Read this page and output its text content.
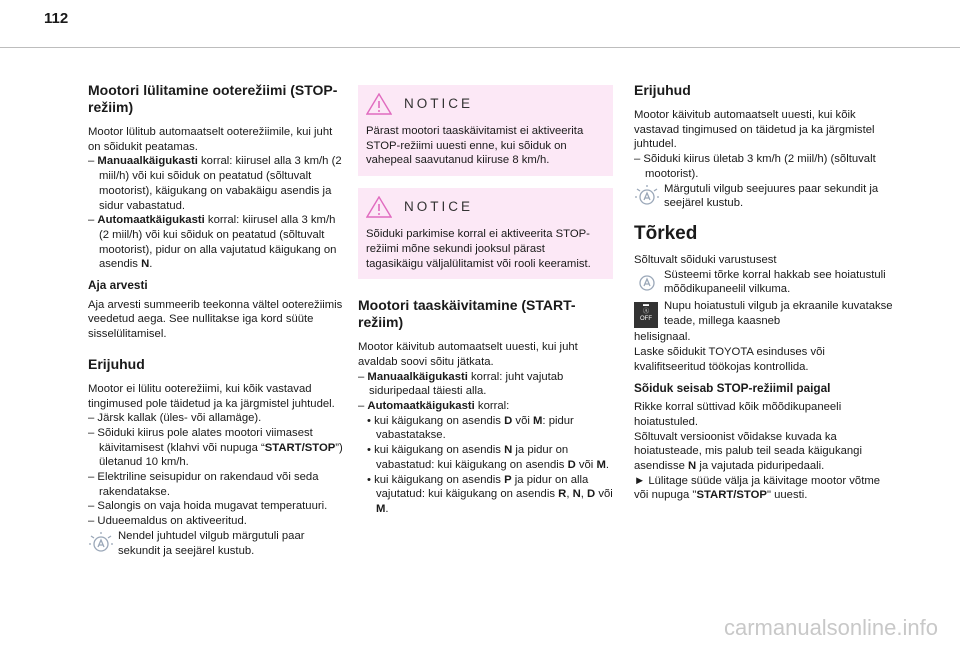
112
Mootori lülitamine ooterežiimi (STOP-režiim)

Mootor lülitub automaatselt ooterežiimile, kui juht on sõidukit peatamas.

– Manuaalkäigukasti korral: kiirusel alla 3 km/h (2 miil/h) või kui sõiduk on peatatud (sõltuvalt mootorist), käigukang on vabakäigu asendis ja sidur vabastatud.

– Automaatkäigukasti korral: kiirusel alla 3 km/h (2 miil/h) või kui sõiduk on peatatud (sõltuvalt mootorist), pidur on alla vajutatud käigukang on asendis N.

Aja arvesti

Aja arvesti summeerib teekonna vältel ooterežiimis veedetud aega. See nullitakse iga kord süüte sisselülitamisel.

Erijuhud

Mootor ei lülitu ooterežiimi, kui kõik vastavad tingimused pole täidetud ja ka järgmistel juhtudel.

– Järsk kallak (üles- või allamäge).

– Sõiduki kiirus pole alates mootori viimasest käivitamisest (klahvi või nupuga “START/STOP”) ületanud 10 km/h.

– Elektriline seisupidur on rakendaud või seda rakendatakse.

– Salongis on vaja hoida mugavat temperatuuri.

– Udueemaldus on aktiveeritud.

Nendel juhtudel vilgub märgutuli paar sekundit ja seejärel kustub.
NOTICE
Pärast mootori taaskäivitamist ei aktiveerita STOP-režiimi uuesti enne, kui sõiduk on vahepeal saavutanud kiiruse 8 km/h.
NOTICE
Sõiduki parkimise korral ei aktiveerita STOP-režiimi mõne sekundi jooksul pärast tagasikäigu väljalülitamist või rooli keeramist.
Mootori taaskäivitamine (START-režiim)

Mootor käivitub automaatselt uuesti, kui juht avaldab soovi sõitu jätkata.

– Manuaalkäigukasti korral: juht vajutab siduripedaal täiesti alla.

– Automaatkäigukasti korral:

• kui käigukang on asendis D või M: pidur vabastatakse.

• kui käigukang on asendis N ja pidur on vabastatud: kui käigukang on asendis D või M.

• kui käigukang on asendis P ja pidur on alla vajutatud: kui käigukang on asendis R, N, D või M.

Erijuhud

Mootor käivitub automaatselt uuesti, kui kõik vastavad tingimused on täidetud ja ka järgmistel juhtudel.

– Sõiduki kiirus ületab 3 km/h (2 miil/h) (sõltuvalt mootorist).

Märgutuli vilgub seejuures paar sekundit ja seejärel kustub.
Tõrked

Sõltuvalt sõiduki varustusest

Süsteemi tõrke korral hakkab see hoiatustuli mõõdikupaneelil vilkuma.
▬
Ⓐ
OFF
Nupu hoiatustuli vilgub ja ekraanile kuvatakse teade, millega kaasneb

helisignaal.

Laske sõidukit TOYOTA esinduses või kvalifitseeritud töökojas kontrollida.

Sõiduk seisab STOP-režiimil paigal

Rikke korral süttivad kõik mõõdikupaneeli hoiatustuled.

Sõltuvalt versioonist võidakse kuvada ka hoiatusteade, mis palub teil seada käigukangi asendisse N ja vajutada piduripedaali.

► Lülitage süüde välja ja käivitage mootor võtme või nupuga "START/STOP" uuesti.

carmanualsonline.info
